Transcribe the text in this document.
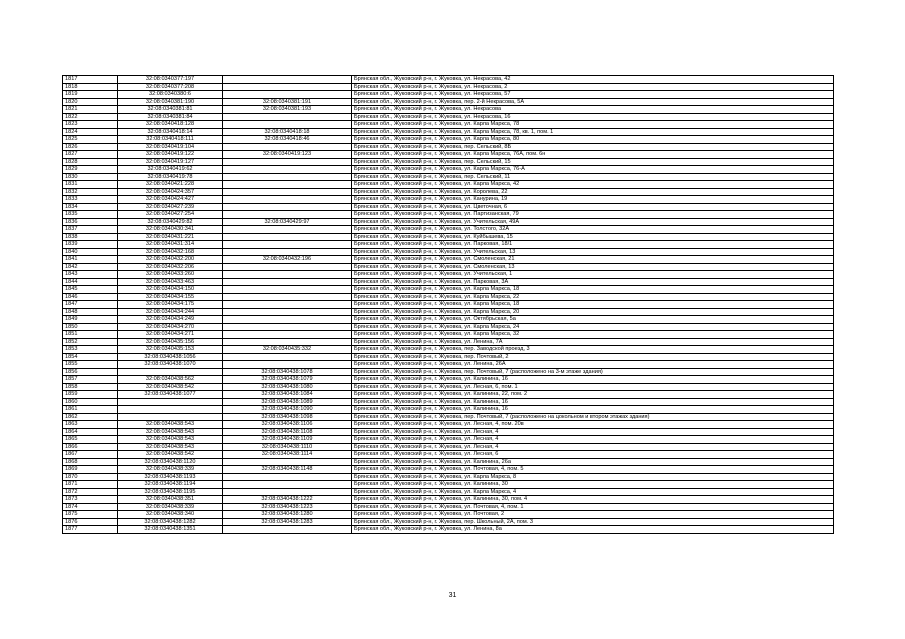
1817	32:08:0340377:197		Брянская обл., Жуковский р-н, г. Жуковка, ул. Некрасова, 42
1818	32:08:0340377:208		Брянская обл., Жуковский р-н, г. Жуковка, ул. Некрасова, 2
1819	32:08:0340380:6		Брянская обл., Жуковский р-н, г. Жуковка, ул. Некрасова, 57
1820	32:08:0340381:190	32:08:0340381:191	Брянская обл., Жуковский р-н, г. Жуковка, пер. 2-й Некрасова, 5А
1821	32:08:0340381:81	32:08:0340381:193	Брянская обл., Жуковский р-н, г. Жуковка, ул. Некрасова
1822	32:08:0340381:84		Брянская обл., Жуковский р-н, г. Жуковка, ул. Некрасова, 16
1823	32:08:0340418:128		Брянская обл., Жуковский р-н, г. Жуковка, ул. Карла Маркса, 78
1824	32:08:0340418:14	32:08:0340418:18	Брянская обл., Жуковский р-н, г. Жуковка, ул. Карла Маркса, 78, кв. 1, пом. 1
1825	32:08:0340418:111	32:08:0340418:46	Брянская обл., Жуковский р-н, г. Жуковка, ул. Карла Маркса, 80
1826	32:08:0340419:104		Брянская обл., Жуковский р-н, г. Жуковка, пер. Сельский, 8Б
1827	32:08:0340419:122	32:08:0340419:123	Брянская обл., Жуковский р-н, г. Жуковка, ул. Карла Маркса, 76А, пом. 6н
1828	32:08:0340419:127		Брянская обл., Жуковский р-н, г. Жуковка, пер. Сельский, 15
1829	32:08:0340419:62		Брянская обл., Жуковский р-н, г. Жуковка, ул. Карла Маркса, 76-А
1830	32:08:0340419:78		Брянская обл., Жуковский р-н, г. Жуковка, пер. Сельский, 11
1831	32:08:0340421:228		Брянская обл., Жуковский р-н, г. Жуковка, ул. Карла Маркса, 42
1832	32:08:0340424:357		Брянская обл., Жуковский р-н, г. Жуковка, ул. Королева, 22
1833	32:08:0340424:427		Брянская обл., Жуковский р-н, г. Жуковка, ул. Канурина, 19
1834	32:08:0340427:239		Брянская обл., Жуковский р-н, г. Жуковка, ул. Цветочная, 6
1835	32:08:0340427:254		Брянская обл., Жуковский р-н, г. Жуковка, ул. Партизанская, 79
1836	32:08:0340429:82	32:08:0340429:97	Брянская обл., Жуковский р-н, г. Жуковка, ул. Учительская, 49А
1837	32:08:0340430:341		Брянская обл., Жуковский р-н, г. Жуковка, ул. Толстого, 32А
1838	32:08:0340431:221		Брянская обл., Жуковский р-н, г. Жуковка, ул. Куйбышева, 15
1839	32:08:0340431:314		Брянская обл., Жуковский р-н, г. Жуковка, ул. Парковая, 18/1
1840	32:08:0340432:168		Брянская обл., Жуковский р-н, г. Жуковка, ул. Учительская, 13
1841	32:08:0340432:200	32:08:0340432:196	Брянская обл., Жуковский р-н, г. Жуковка, ул. Смоленская, 21
1842	32:08:0340432:206		Брянская обл., Жуковский р-н, г. Жуковка, ул. Смоленская, 13
1843	32:08:0340433:260		Брянская обл., Жуковский р-н, г. Жуковка, ул. Учительская, 1
1844	32:08:0340433:463		Брянская обл., Жуковский р-н, г. Жуковка, ул. Парковая, 3А
1845	32:08:0340434:150		Брянская обл., Жуковский р-н, г. Жуковка, ул. Карла Маркса, 18
1846	32:08:0340434:155		Брянская обл., Жуковский р-н, г. Жуковка, ул. Карла Маркса, 22
1847	32:08:0340434:175		Брянская обл., Жуковский р-н, г. Жуковка, ул. Карла Маркса, 18
1848	32:08:0340434:244		Брянская обл., Жуковский р-н, г. Жуковка, ул. Карла Маркса, 20
1849	32:08:0340434:249		Брянская обл., Жуковский р-н, г. Жуковка, ул. Октябрьская, 5а
1850	32:08:0340434:270		Брянская обл., Жуковский р-н, г. Жуковка, ул. Карла Маркса, 24
1851	32:08:0340434:271		Брянская обл., Жуковский р-н, г. Жуковка, ул. Карла Маркса, 32
1852	32:08:0340435:156		Брянская обл., Жуковский р-н, г. Жуковка, ул. Ленина, 7А
1853	32:08:0340435:153	32:08:0340435:332	Брянская обл., Жуковский р-н, г. Жуковка, пер. Заводской проезд, 3
1854	32:08:0340438:1056		Брянская обл., Жуковский р-н, г. Жуковка, пер. Почтовый, 2
1855	32:08:0340438:1070		Брянская обл., Жуковский р-н, г. Жуковка, ул. Ленина, 26А
1856		32:08:0340438:1078	Брянская обл., Жуковский р-н, г. Жуковка, пер. Почтовый, 7 (расположено на 3-м этаже здания)
1857	32:08:0340438:562	32:08:0340438:1079	Брянская обл., Жуковский р-н, г. Жуковка, ул. Калинина, 16
1858	32:08:0340438:542	32:08:0340438:1080	Брянская обл., Жуковский р-н, г. Жуковка, ул. Лесная, 6, пом. 1
1859	32:08:0340438:1077	32:08:0340438:1084	Брянская обл., Жуковский р-н, г. Жуковка, ул. Калинина, 22, пом. 2
1860		32:08:0340438:1089	Брянская обл., Жуковский р-н, г. Жуковка, ул. Калинина, 16
1861		32:08:0340438:1090	Брянская обл., Жуковский р-н, г. Жуковка, ул. Калинина, 16
1862		32:08:0340438:1098	Брянская обл., Жуковский р-н, г. Жуковка, пер. Почтовый, 7 (расположено на цокольном и втором этажах здания)
1863	32:08:0340438:543	32:08:0340438:1106	Брянская обл., Жуковский р-н, г. Жуковка, ул. Лесная, 4, пом. 20в
1864	32:08:0340438:543	32:08:0340438:1108	Брянская обл., Жуковский р-н, г. Жуковка, ул. Лесная, 4
1865	32:08:0340438:543	32:08:0340438:1109	Брянская обл., Жуковский р-н, г. Жуковка, ул. Лесная, 4
1866	32:08:0340438:543	32:08:0340438:1110	Брянская обл., Жуковский р-н, г. Жуковка, ул. Лесная, 4
1867	32:08:0340438:542	32:08:0340438:1114	Брянская обл., Жуковский р-н, г. Жуковка, ул. Лесная, 6
1868	32:08:0340438:1120		Брянская обл., Жуковский р-н, г. Жуковка, ул. Калинина, 26а
1869	32:08:0340438:339	32:08:0340438:1148	Брянская обл., Жуковский р-н, г. Жуковка, ул. Почтовая, 4, пом. 5
1870	32:08:0340438:1193		Брянская обл., Жуковский р-н, г. Жуковка, ул. Карла Маркса, 8
1871	32:08:0340438:1194		Брянская обл., Жуковский р-н, г. Жуковка, ул. Калинина, 30
1872	32:08:0340438:1195		Брянская обл., Жуковский р-н, г. Жуковка, ул. Карла Маркса, 4
1873	32:08:0340438:351	32:08:0340438:1222	Брянская обл., Жуковский р-н, г. Жуковка, ул. Калинина, 30, пом. 4
1874	32:08:0340438:339	32:08:0340438:1223	Брянская обл., Жуковский р-н, г. Жуковка, ул. Почтовая, 4, пом. 1
1875	32:08:0340438:340	32:08:0340438:1280	Брянская обл., Жуковский р-н, г. Жуковка, ул. Почтовая, 2
1876	32:08:0340438:1282	32:08:0340438:1283	Брянская обл., Жуковский р-н, г. Жуковка, пер. Школьный, 2А, пом. 3
1877	32:08:0340438:1351		Брянская обл., Жуковский р-н, г. Жуковка, ул. Ленина, 8а
31
